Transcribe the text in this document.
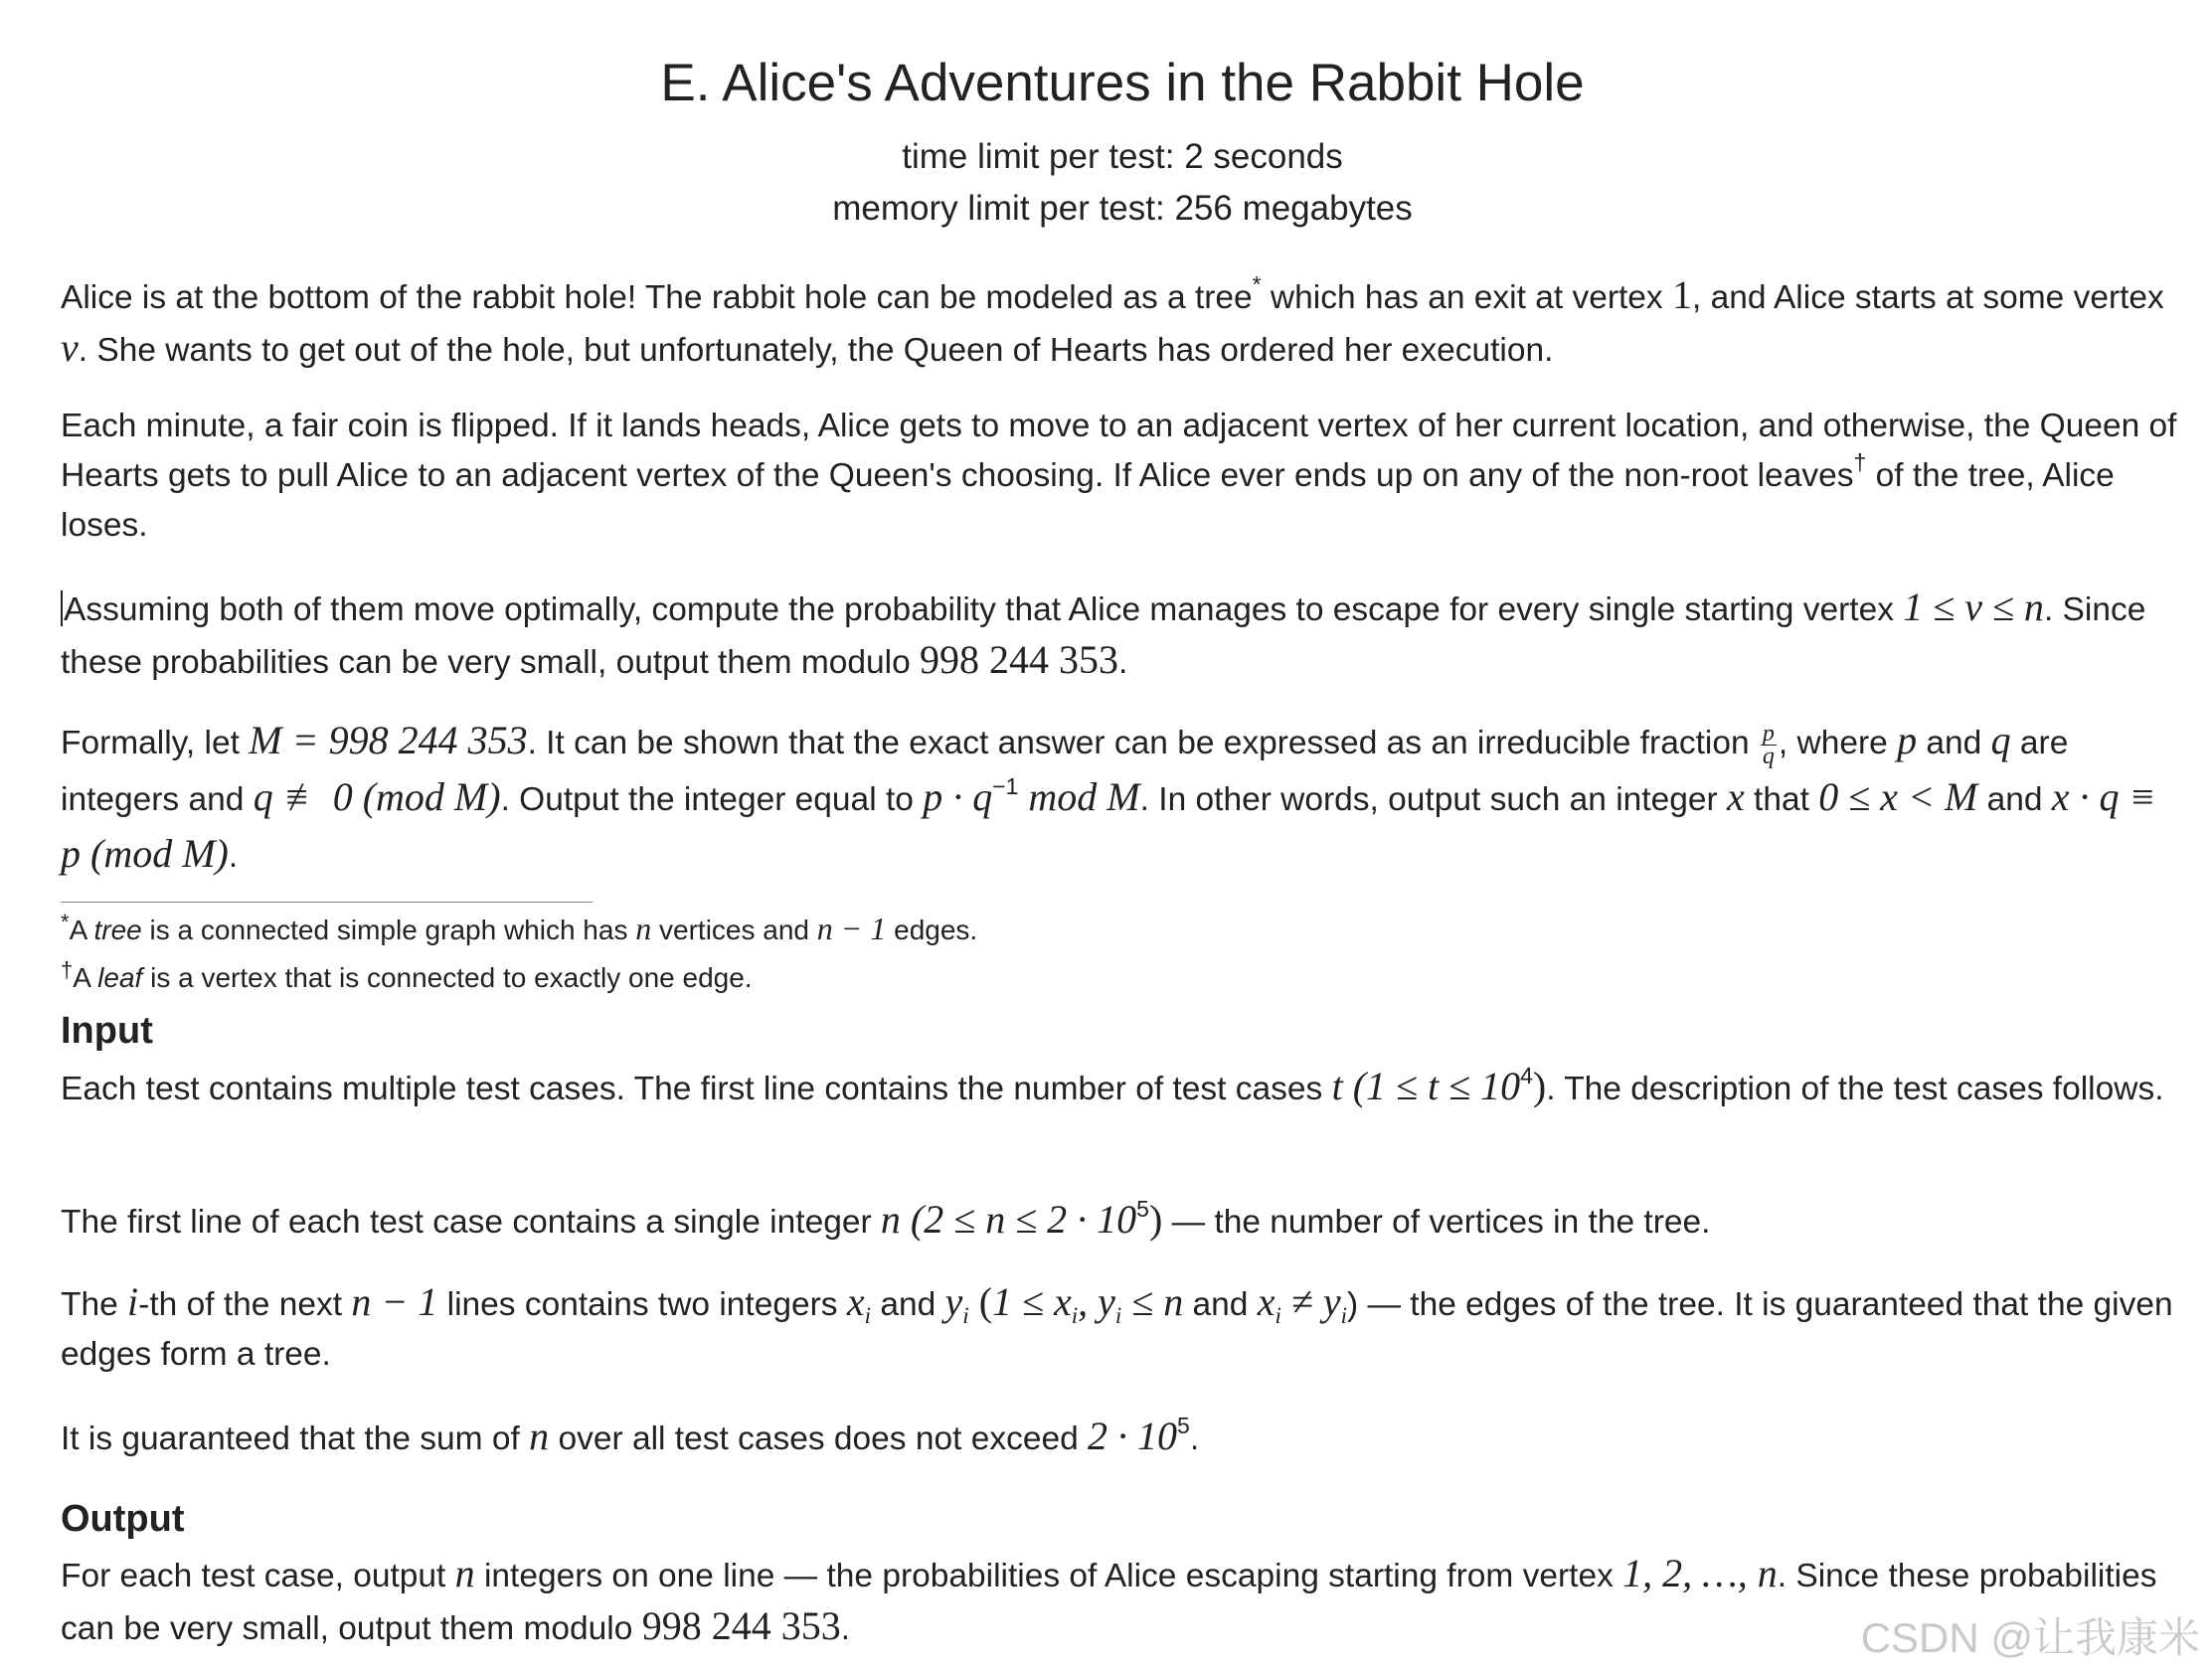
E. Alice's Adventures in the Rabbit Hole
time limit per test: 2 seconds
memory limit per test: 256 megabytes

Alice is at the bottom of the rabbit hole! The rabbit hole can be modeled as a tree* which has an exit at vertex 1, and Alice starts at some vertex v. She wants to get out of the hole, but unfortunately, the Queen of Hearts has ordered her execution.

Each minute, a fair coin is flipped. If it lands heads, Alice gets to move to an adjacent vertex of her current location, and otherwise, the Queen of Hearts gets to pull Alice to an adjacent vertex of the Queen's choosing. If Alice ever ends up on any of the non-root leaves† of the tree, Alice loses.

Assuming both of them move optimally, compute the probability that Alice manages to escape for every single starting vertex 1 ≤ v ≤ n. Since these probabilities can be very small, output them modulo 998 244 353.

Formally, let M = 998 244 353. It can be shown that the exact answer can be expressed as an irreducible fraction $\frac{p}{q}$ , where p and q are integers and q ≢ 0 (mod M). Output the integer equal to $p \cdot q^{-1}$ mod M. In other words, output such an integer x that 0 ≤ x < M and x · q ≡ p (mod M).

*A tree is a connected simple graph which has n vertices and n − 1 edges.
†A leaf is a vertex that is connected to exactly one edge.
Input

Each test contains multiple test cases. The first line contains the number of test cases t $(1 \le t \le 10^4)$. The description of the test cases follows.

The first line of each test case contains a single integer n $(2 \le n \le 2 \cdot 10^5)$ — the number of vertices in the tree.

The i-th of the next n − 1 lines contains two integers $x_i$ and $y_i$ ($1 \le x_i$, $y_i \le n$ and $x_i \ne y_i$) — the edges of the tree. It is guaranteed that the given edges form a tree.

It is guaranteed that the sum of n over all test cases does not exceed $2 \cdot 10^5$.

Output

For each test case, output n integers on one line — the probabilities of Alice escaping starting from vertex 1, 2, …, n. Since these probabilities can be very small, output them modulo 998 244 353.	CSDN @让我康米
